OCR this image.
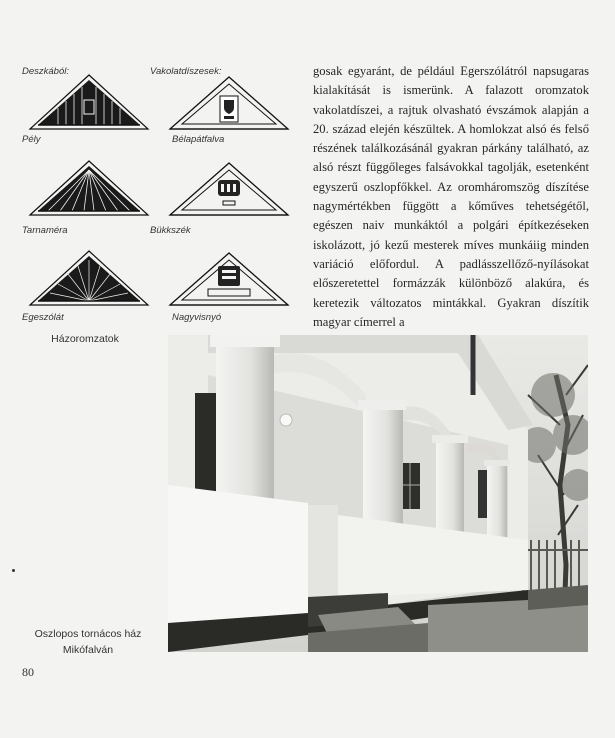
Deszkából:	Vakolatdíszesek:
Pély	Bélapátfalva
Tarnaméra	Bükkszék
Egeszólát	Nagyvisnyó
Házoromzatok

gosak egyaránt, de például Egerszólátról napsugaras kialakítását is ismerünk. A falazott oromzatok vakolatdíszei, a rajtuk olvasható évszámok alapján a 20. század elején készültek. A homlokzat alsó és felső részének találkozásánál gyakran párkány található, az alsó részt függőleges falsávokkal tagolják, esetenként egyszerű oszlopfőkkel. Az oromháromszög díszítése nagymértékben függött a kőműves tehetségétől, egészen naiv munkáktól a polgári építkezéseken iskolázott, jó kezű mesterek míves munkáiig minden variáció előfordul. A padlásszellőző-nyílásokat előszeretettel formázzák különböző alakúra, és keretezik változatos mintákkal. Gyakran díszítik magyar címerrel a

Oszlopos tornácos ház
Mikófalván
80
